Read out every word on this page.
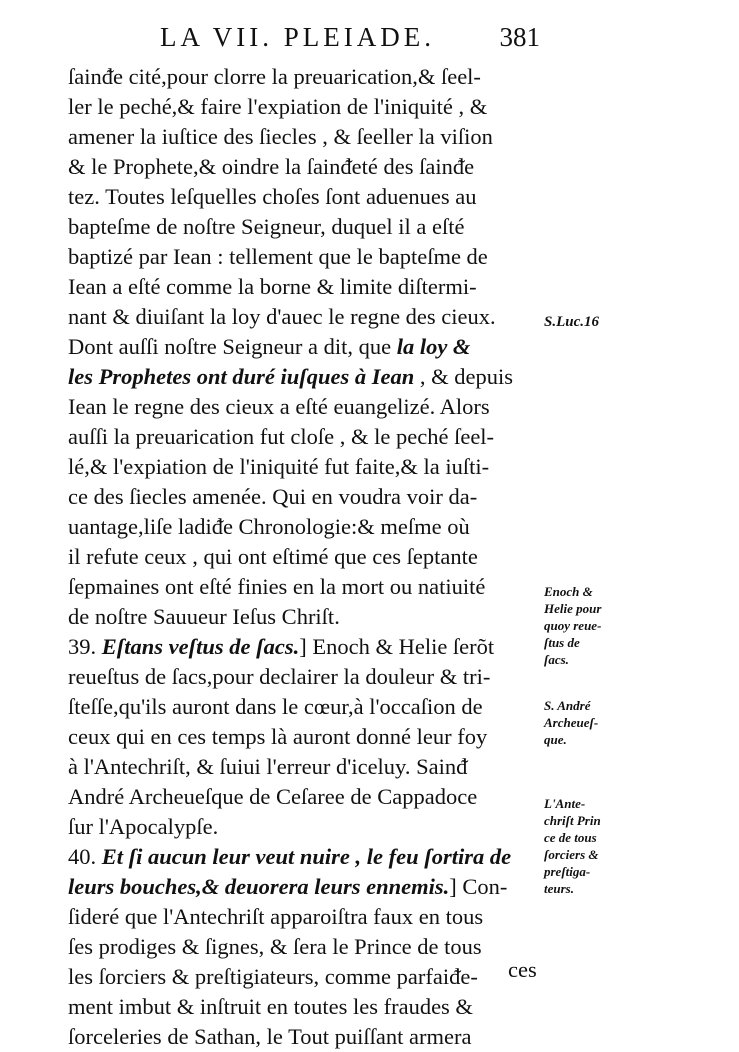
LA VII. PLEIADE. 381
ſainᵭe cité,pour clorre la preuarication,& ſeel-
ler le peché,& faire l'expiation de l'iniquité , &
amener la iuſtice des ſiecles , & ſeeller la viſion
& le Prophete,& oindre la ſainᵭeté des ſainᵭe
tez. Toutes leſquelles choſes ſont aduenues au
bapteſme de noſtre Seigneur, duquel il a eſté
baptizé par Iean : tellement que le bapteſme de
Iean a eſté comme la borne & limite diſtermi-
nant & diuiſant la loy d'auec le regne des cieux.
Dont auſſi noſtre Seigneur a dit, que la loy &
les Prophetes ont duré iuſques à Iean , & depuis
Iean le regne des cieux a eſté euangelizé. Alors
auſſi la preuarication fut cloſe , & le peché ſeel-
lé,& l'expiation de l'iniquité fut faite,& la iuſti-
ce des ſiecles amenée. Qui en voudra voir da-
uantage,liſe ladiᵭe Chronologie:& meſme où
il refute ceux , qui ont eſtimé que ces ſeptante
ſepmaines ont eſté finies en la mort ou natiuité
de noſtre Sauueur Ieſus Chriſt.
39. Eſtans veſtus de ſacs.] Enoch & Helie ſerõt
reueſtus de ſacs,pour declairer la douleur & tri-
ſteſſe,qu'ils auront dans le cœur,à l'occaſion de
ceux qui en ces temps là auront donné leur foy
à l'Antechriſt, & ſuiui l'erreur d'iceluy. Sainᵭ
André Archeueſque de Ceſaree de Cappadoce
ſur l'Apocalypſe.
40. Et ſi aucun leur veut nuire , le feu ſortira de
leurs bouches,& deuorera leurs ennemis.] Con-
ſideré que l'Antechriſt apparoiſtra faux en tous
ſes prodiges & ſignes, & ſera le Prince de tous
les ſorciers & preſtigiateurs, comme parfaiᵭe-
ment imbut & inſtruit en toutes les fraudes &
ſorceleries de Sathan, le Tout puiſſant armera
S.Luc.16
Enoch &
Helie pour
quoy reue-
ſtus de
ſacs.
S. André
Archeueſ-
que.
L'Ante-
chriſt Prin
ce de tous
ſorciers &
preſtiga-
teurs.
ces
